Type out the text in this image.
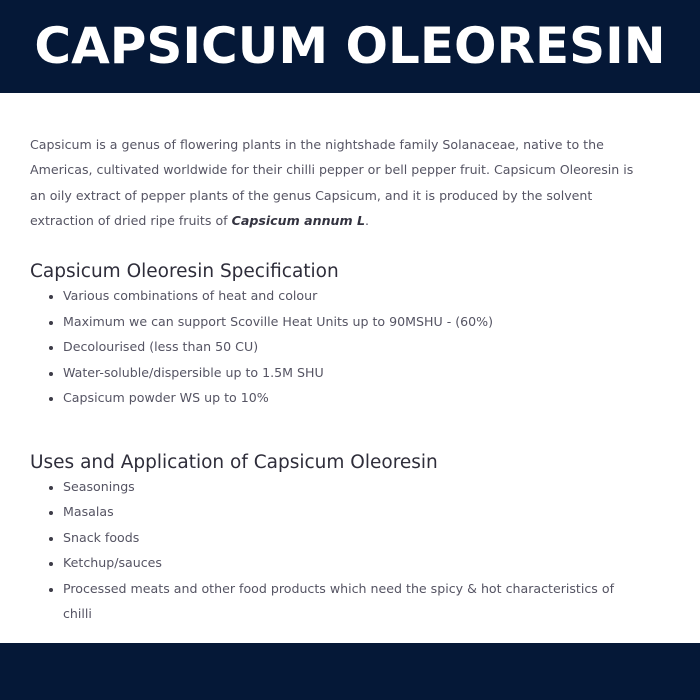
CAPSICUM OLEORESIN

Capsicum is a genus of flowering plants in the nightshade family Solanaceae, native to the Americas, cultivated worldwide for their chilli pepper or bell pepper fruit. Capsicum Oleoresin is an oily extract of pepper plants of the genus Capsicum, and it is produced by the solvent extraction of dried ripe fruits of Capsicum annum L.

Capsicum Oleoresin Specification
• Various combinations of heat and colour
• Maximum we can support Scoville Heat Units up to 90MSHU - (60%)
• Decolourised (less than 50 CU)
• Water-soluble/dispersible up to 1.5M SHU
• Capsicum powder WS up to 10%
Uses and Application of Capsicum Oleoresin
• Seasonings
• Masalas
• Snack foods
• Ketchup/sauces
• Processed meats and other food products which need the spicy & hot characteristics of chilli
